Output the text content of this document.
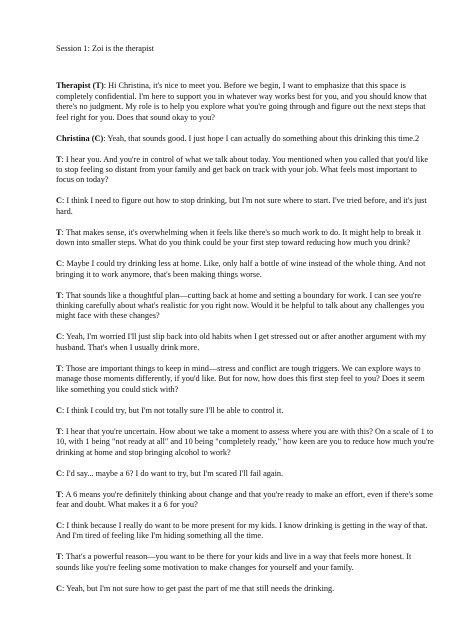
Session 1: Zoi is the therapist

Therapist (T): Hi Christina, it's nice to meet you. Before we begin, I want to emphasize that this space is completely confidential. I'm here to support you in whatever way works best for you, and you should know that there's no judgment. My role is to help you explore what you're going through and figure out the next steps that feel right for you. Does that sound okay to you?

Christina (C): Yeah, that sounds good. I just hope I can actually do something about this drinking this time.2

T: I hear you. And you're in control of what we talk about today. You mentioned when you called that you'd like to stop feeling so distant from your family and get back on track with your job. What feels most important to focus on today?

C: I think I need to figure out how to stop drinking, but I'm not sure where to start. I've tried before, and it's just hard.

T: That makes sense, it's overwhelming when it feels like there's so much work to do. It might help to break it down into smaller steps. What do you think could be your first step toward reducing how much you drink?

C: Maybe I could try drinking less at home. Like, only half a bottle of wine instead of the whole thing. And not bringing it to work anymore, that's been making things worse.

T: That sounds like a thoughtful plan—cutting back at home and setting a boundary for work. I can see you're thinking carefully about what's realistic for you right now. Would it be helpful to talk about any challenges you might face with these changes?

C: Yeah, I'm worried I'll just slip back into old habits when I get stressed out or after another argument with my husband. That's when I usually drink more.

T: Those are important things to keep in mind—stress and conflict are tough triggers. We can explore ways to manage those moments differently, if you'd like. But for now, how does this first step feel to you? Does it seem like something you could stick with?

C: I think I could try, but I'm not totally sure I'll be able to control it.

T: I hear that you're uncertain. How about we take a moment to assess where you are with this? On a scale of 1 to 10, with 1 being "not ready at all" and 10 being "completely ready," how keen are you to reduce how much you're drinking at home and stop bringing alcohol to work?

C: I'd say... maybe a 6? I do want to try, but I'm scared I'll fail again.

T: A 6 means you're definitely thinking about change and that you're ready to make an effort, even if there's some fear and doubt. What makes it a 6 for you?

C: I think because I really do want to be more present for my kids. I know drinking is getting in the way of that. And I'm tired of feeling like I'm hiding something all the time.

T: That's a powerful reason—you want to be there for your kids and live in a way that feels more honest. It sounds like you're feeling some motivation to make changes for yourself and your family.

C: Yeah, but I'm not sure how to get past the part of me that still needs the drinking.
